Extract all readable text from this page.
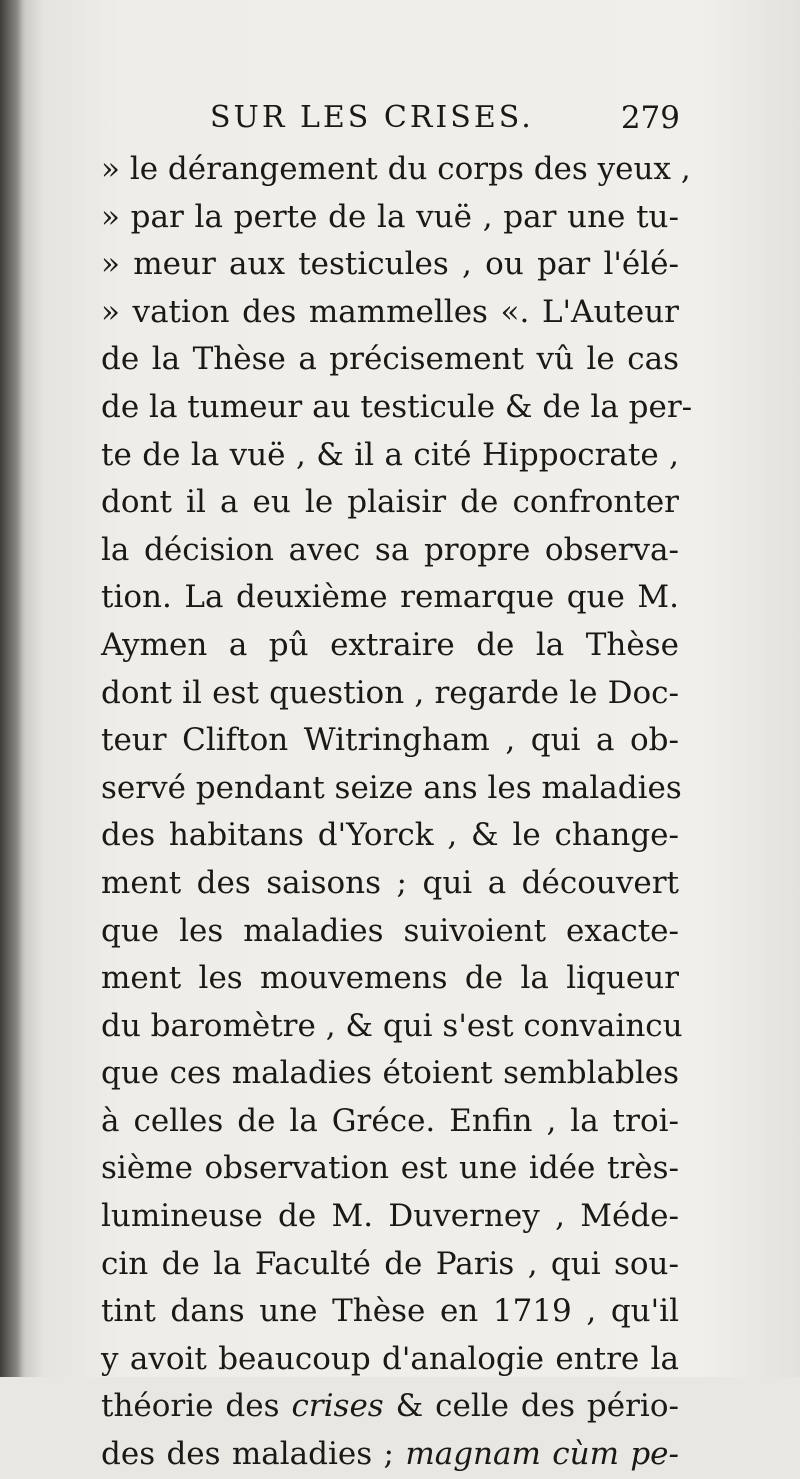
SUR LES CRISES.	279
» le dérangement du corps des yeux ,
» par la perte de la vuë , par une tu-
» meur aux testicules , ou par l'élé-
» vation des mammelles «. L'Auteur
de la Thèse a précisement vû le cas
de la tumeur au testicule & de la per-
te de la vuë , & il a cité Hippocrate ,
dont il a eu le plaisir de confronter
la décision avec sa propre observa-
tion. La deuxième remarque que M.
Aymen a pû extraire de la Thèse
dont il est question , regarde le Doc-
teur Clifton Witringham , qui a ob-
servé pendant seize ans les maladies
des habitans d'Yorck , & le change-
ment des saisons ; qui a découvert
que les maladies suivoient exacte-
ment les mouvemens de la liqueur
du baromètre , & qui s'est convaincu
que ces maladies étoient semblables
à celles de la Gréce. Enfin , la troi-
sième observation est une idée très-
lumineuse de M. Duverney , Méde-
cin de la Faculté de Paris , qui sou-
tint dans une Thèse en 1719 , qu'il
y avoit beaucoup d'analogie entre la
théorie des crises & celle des pério-
des des maladies ; magnam cùm pe-
